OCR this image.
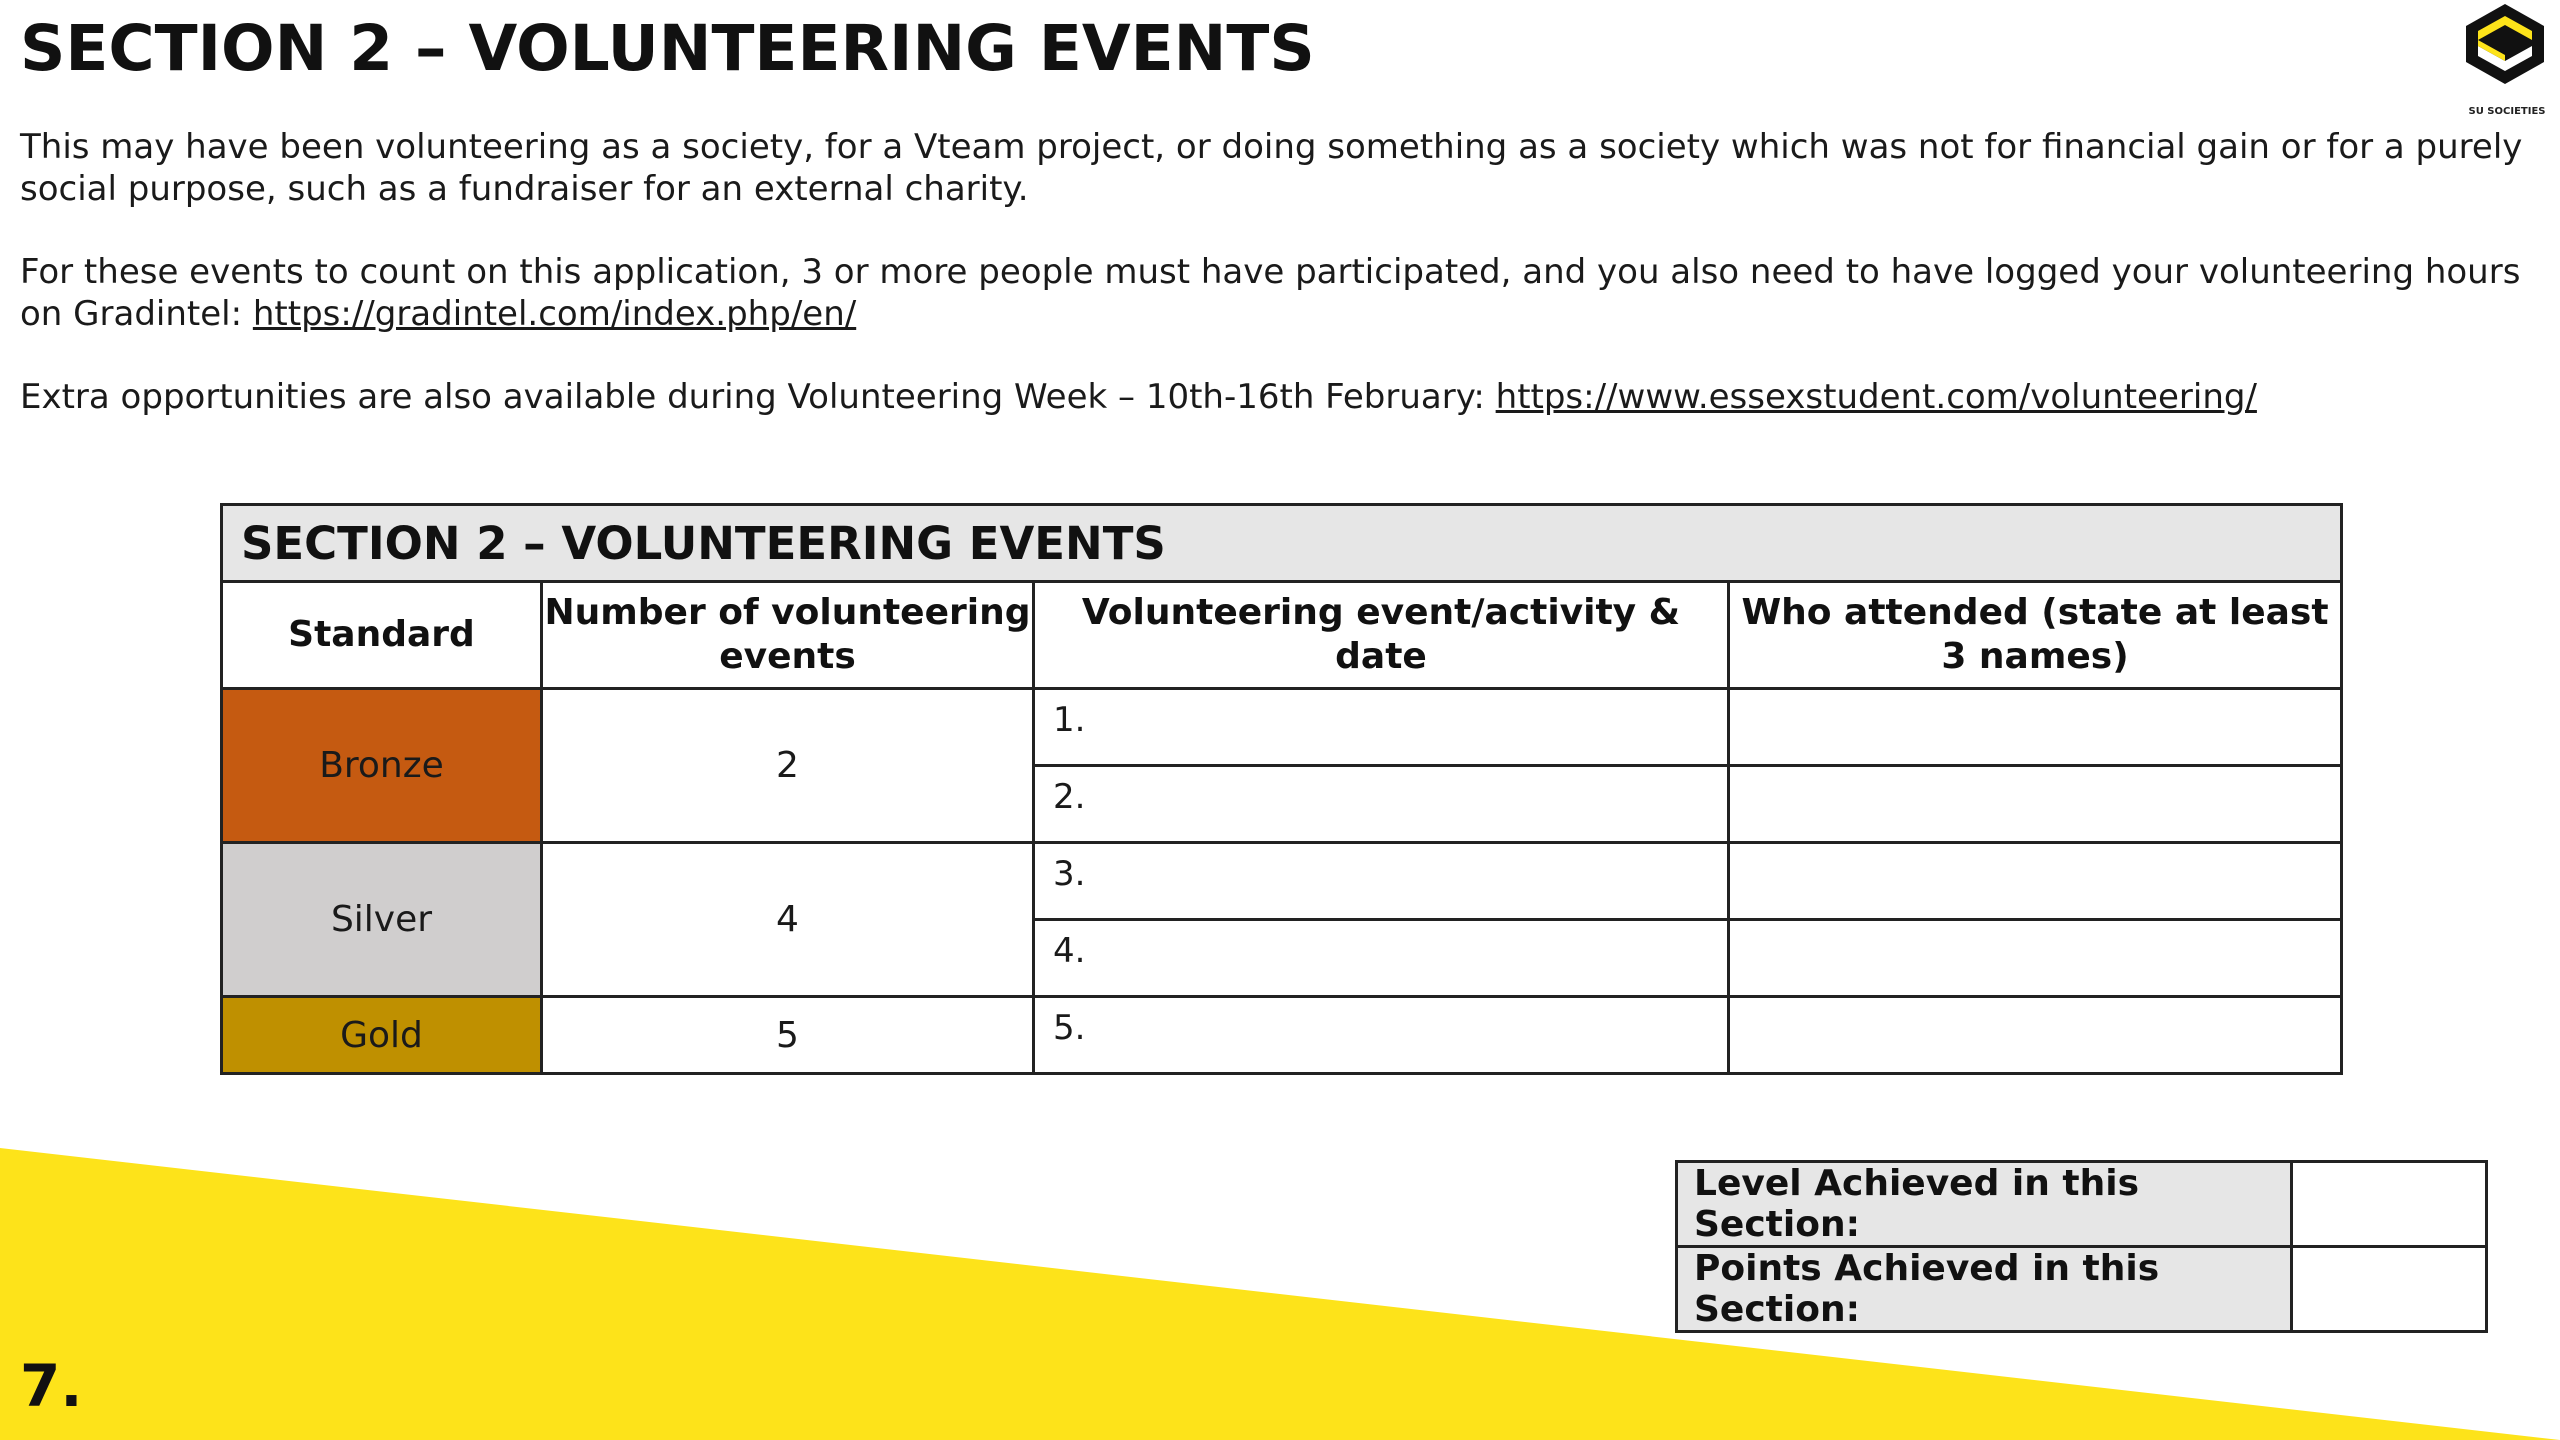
SECTION 2 – VOLUNTEERING EVENTS
SU SOCIETIES

This may have been volunteering as a society, for a Vteam project, or doing something as a society which was not for financial gain or for a purely social purpose, such as a fundraiser for an external charity.

For these events to count on this application, 3 or more people must have participated, and you also need to have logged your volunteering hours on Gradintel: https://gradintel.com/index.php/en/

Extra opportunities are also available during Volunteering Week – 10th-16th February: https://www.essexstudent.com/volunteering/

SECTION 2 – VOLUNTEERING EVENTS			
Standard	Number of volunteering events	Volunteering event/activity & date	Who attended (state at least 3 names)
Bronze	2	1.	
		2.	
Silver	4	3.	
		4.	
Gold	5	5.	
Level Achieved in this Section:	
Points Achieved in this Section:	
7.
